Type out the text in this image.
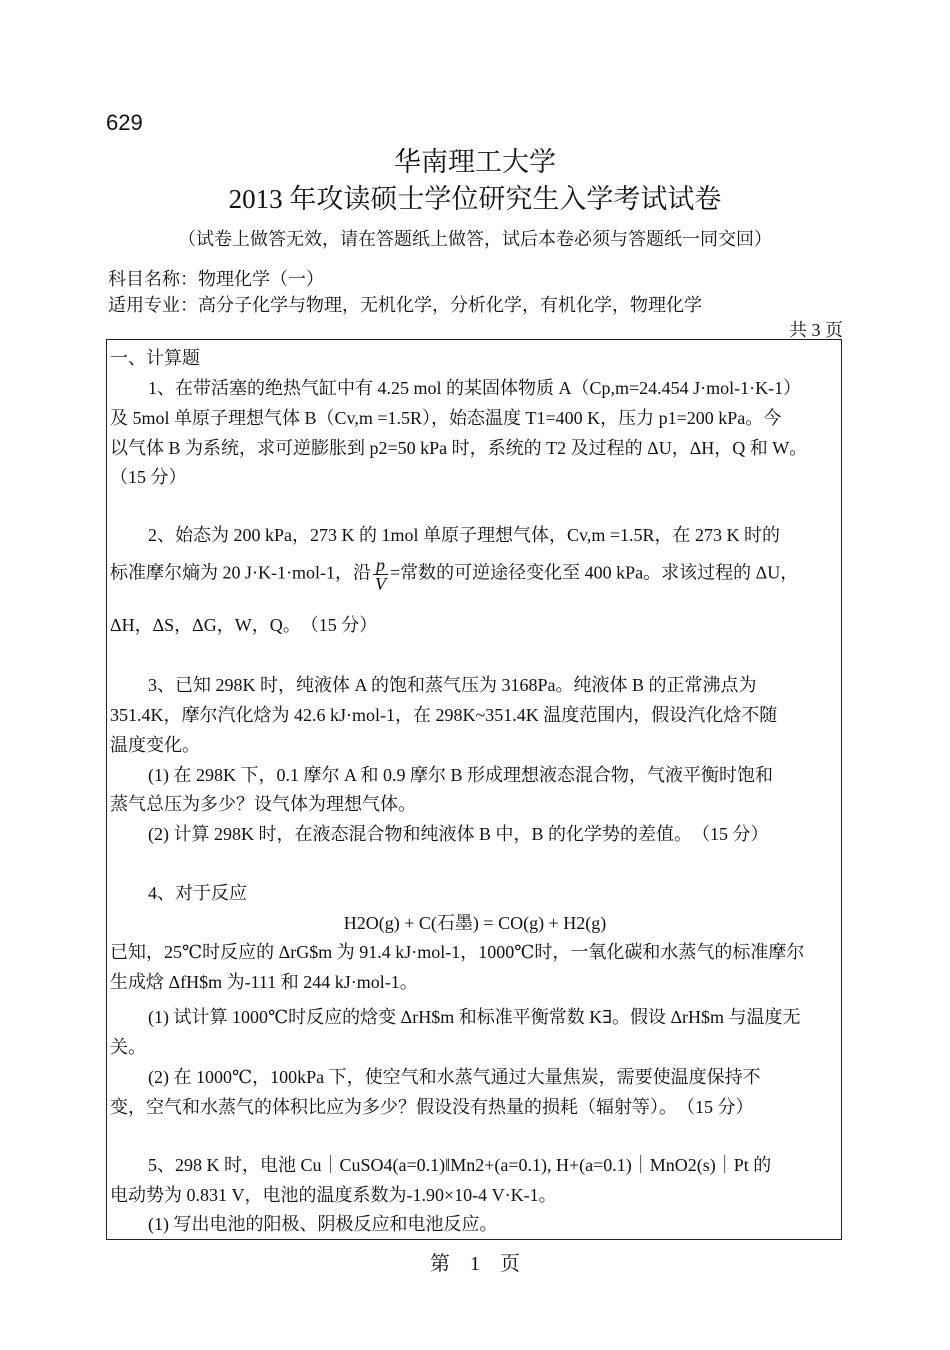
629
华南理工大学
2013 年攻读硕士学位研究生入学考试试卷
（试卷上做答无效，请在答题纸上做答，试后本卷必须与答题纸一同交回）
科目名称：物理化学（一）
适用专业：高分子化学与物理，无机化学，分析化学，有机化学，物理化学
共 3 页
一、计算题
1、在带活塞的绝热气缸中有 4.25 mol 的某固体物质 A（Cp,m=24.454 J·mol-1·K-1）
及 5mol 单原子理想气体 B（Cv,m =1.5R），始态温度 T1=400 K，压力 p1=200 kPa。今
以气体 B 为系统，求可逆膨胀到 p2=50 kPa 时，系统的 T2 及过程的 ΔU，ΔH，Q 和 W。
（15 分）
2、始态为 200 kPa，273 K 的 1mol 单原子理想气体，Cv,m =1.5R，在 273 K 时的
标准摩尔熵为 20 J·K-1·mol-1，沿 $\frac{p}{V}$ =常数的可逆途径变化至 400 kPa。求该过程的 ΔU，
ΔH，ΔS，ΔG，W，Q。　（15 分）
3、已知 298K 时，纯液体 A 的饱和蒸气压为 3168Pa。纯液体 B 的正常沸点为
351.4K，摩尔汽化焓为 42.6 kJ·mol-1，在 298K~351.4K 温度范围内，假设汽化焓不随
温度变化。
(1) 在 298K 下，0.1 摩尔 A 和 0.9 摩尔 B 形成理想液态混合物，气液平衡时饱和
蒸气总压为多少？设气体为理想气体。
(2) 计算 298K 时，在液态混合物和纯液体 B 中，B 的化学势的差值。　（15 分）
4、对于反应
H2O(g) + C(石墨) = CO(g) + H2(g)
已知，25℃时反应的 ΔrG$m 为 91.4 kJ·mol-1，1000℃时，一氧化碳和水蒸气的标准摩尔
生成焓 ΔfH$m 为-111 和 244 kJ·mol-1。
(1) 试计算 1000℃时反应的焓变 ΔrH$m 和标准平衡常数 K∃。假设 ΔrH$m 与温度无
关。
(2) 在 1000℃，100kPa 下，使空气和水蒸气通过大量焦炭，需要使温度保持不
变，空气和水蒸气的体积比应为多少？假设没有热量的损耗（辐射等）。　（15 分）
5、298 K 时，电池 Cu｜CuSO4(a=0.1)‖Mn2+(a=0.1), H+(a=0.1)｜MnO2(s)｜Pt 的
电动势为 0.831 V，电池的温度系数为-1.90×10-4 V·K-1。
(1) 写出电池的阳极、阴极反应和电池反应。
第　1　页
